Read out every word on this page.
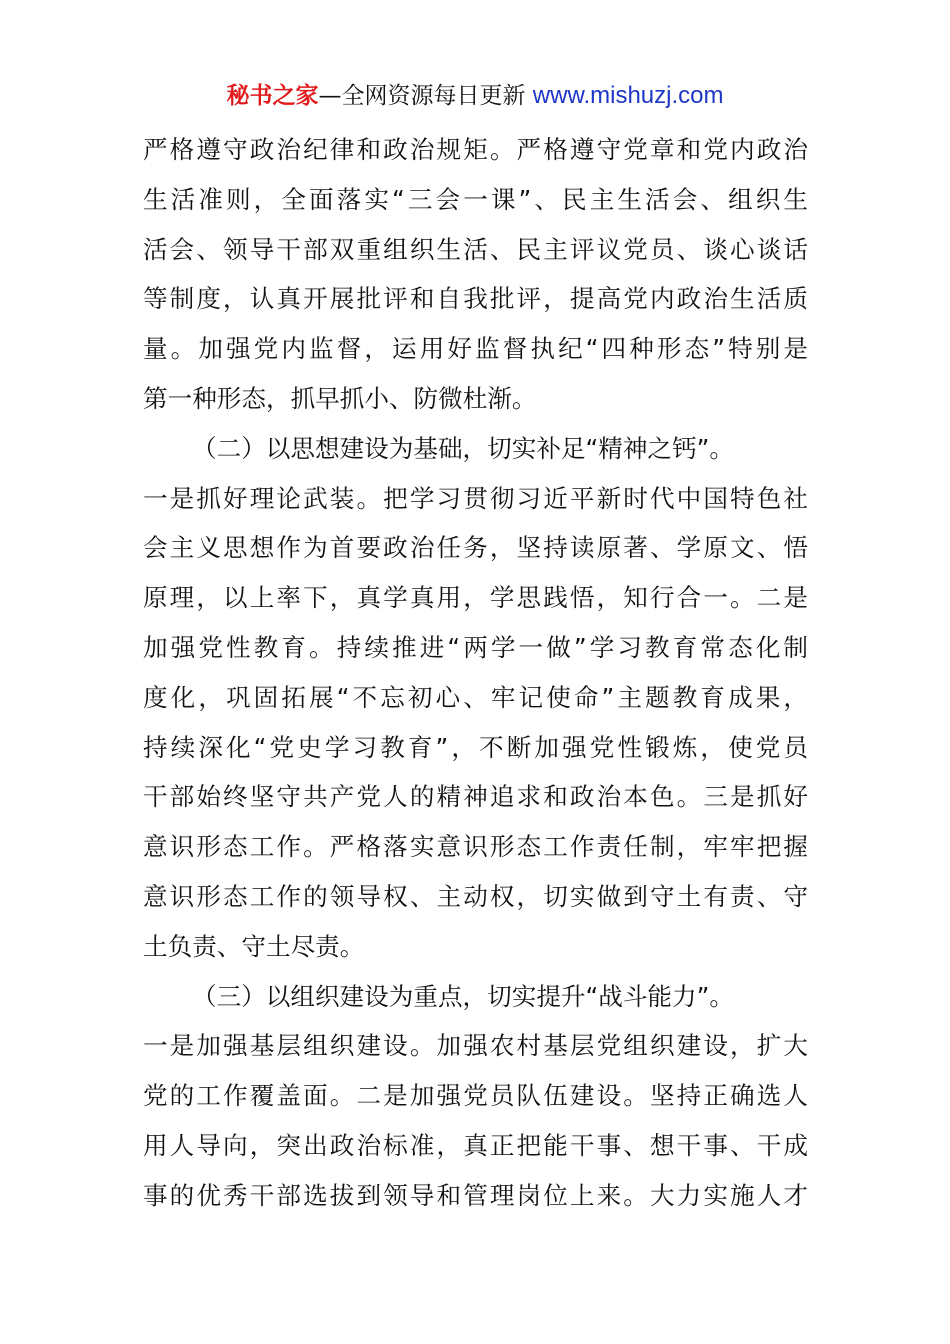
秘书之家—全网资源每日更新 www.mishuzj.com
严格遵守政治纪律和政治规矩。严格遵守党章和党内政治
生活准则，全面落实“三会一课”、民主生活会、组织生
活会、领导干部双重组织生活、民主评议党员、谈心谈话
等制度，认真开展批评和自我批评，提高党内政治生活质
量。加强党内监督，运用好监督执纪“四种形态”特别是
第一种形态，抓早抓小、防微杜渐。
（二）以思想建设为基础，切实补足“精神之钙”。
一是抓好理论武装。把学习贯彻习近平新时代中国特色社
会主义思想作为首要政治任务，坚持读原著、学原文、悟
原理，以上率下，真学真用，学思践悟，知行合一。二是
加强党性教育。持续推进“两学一做”学习教育常态化制
度化，巩固拓展“不忘初心、牢记使命”主题教育成果，
持续深化“党史学习教育”，不断加强党性锻炼，使党员
干部始终坚守共产党人的精神追求和政治本色。三是抓好
意识形态工作。严格落实意识形态工作责任制，牢牢把握
意识形态工作的领导权、主动权，切实做到守土有责、守
土负责、守土尽责。
（三）以组织建设为重点，切实提升“战斗能力”。
一是加强基层组织建设。加强农村基层党组织建设，扩大
党的工作覆盖面。二是加强党员队伍建设。坚持正确选人
用人导向，突出政治标准，真正把能干事、想干事、干成
事的优秀干部选拔到领导和管理岗位上来。大力实施人才
